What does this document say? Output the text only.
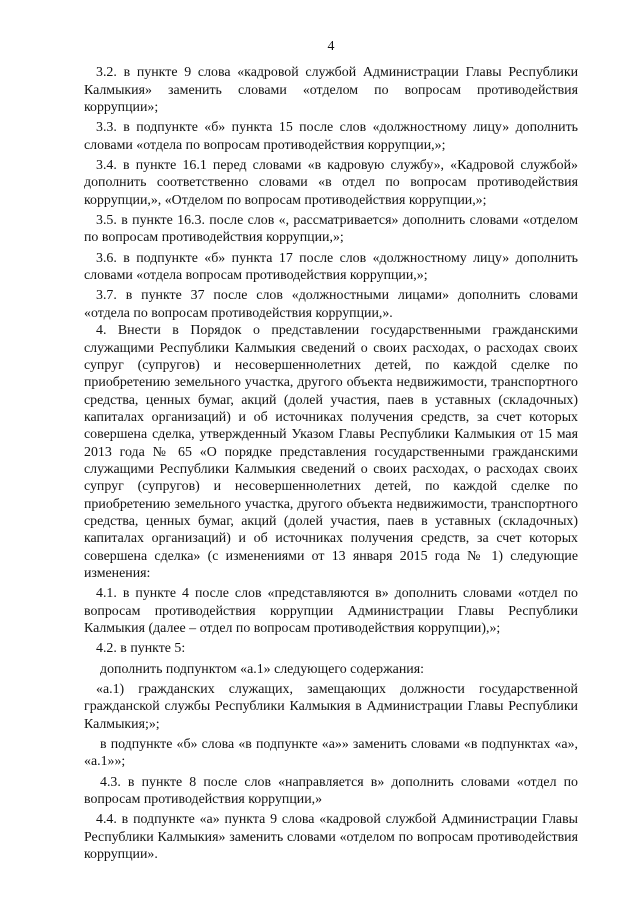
4

3.2. в пункте 9 слова «кадровой службой Администрации Главы Республики Калмыкия» заменить словами «отделом по вопросам противодействия коррупции»;

3.3. в подпункте «б» пункта 15 после слов «должностному лицу» дополнить словами «отдела по вопросам противодействия коррупции,»;

3.4. в пункте 16.1 перед словами «в кадровую службу», «Кадровой службой» дополнить соответственно словами «в отдел по вопросам противодействия коррупции,», «Отделом по вопросам противодействия коррупции,»;

3.5. в пункте 16.3. после слов «, рассматривается» дополнить словами «отделом по вопросам противодействия коррупции,»;

3.6. в подпункте «б» пункта 17 после слов «должностному лицу» дополнить словами «отдела вопросам противодействия коррупции,»;

3.7. в пункте 37 после слов «должностными лицами» дополнить словами «отдела по вопросам противодействия коррупции,».

4. Внести в Порядок о представлении государственными гражданскими служащими Республики Калмыкия сведений о своих расходах, о расходах своих супруг (супругов) и несовершеннолетних детей, по каждой сделке по приобретению земельного участка, другого объекта недвижимости, транспортного средства, ценных бумаг, акций (долей участия, паев в уставных (складочных) капиталах организаций) и об источниках получения средств, за счет которых совершена сделка, утвержденный Указом Главы Республики Калмыкия от 15 мая 2013 года № 65 «О порядке представления государственными гражданскими служащими Республики Калмыкия сведений о своих расходах, о расходах своих супруг (супругов) и несовершеннолетних детей, по каждой сделке по приобретению земельного участка, другого объекта недвижимости, транспортного средства, ценных бумаг, акций (долей участия, паев в уставных (складочных) капиталах организаций) и об источниках получения средств, за счет которых совершена сделка» (с изменениями от 13 января 2015 года № 1) следующие изменения:

4.1. в пункте 4 после слов «представляются в» дополнить словами «отдел по вопросам противодействия коррупции Администрации Главы Республики Калмыкия (далее – отдел по вопросам противодействия коррупции),»;

4.2. в пункте 5:

дополнить подпунктом «а.1» следующего содержания:

«а.1) гражданских служащих, замещающих должности государственной гражданской службы Республики Калмыкия в Администрации Главы Республики Калмыкия;»;

в подпункте «б» слова «в подпункте «а»» заменить словами «в подпунктах «а», «а.1»»;

4.3. в пункте 8 после слов «направляется в» дополнить словами «отдел по вопросам противодействия коррупции,»

4.4. в подпункте «а» пункта 9 слова «кадровой службой Администрации Главы Республики Калмыкия» заменить словами «отделом по вопросам противодействия коррупции».
